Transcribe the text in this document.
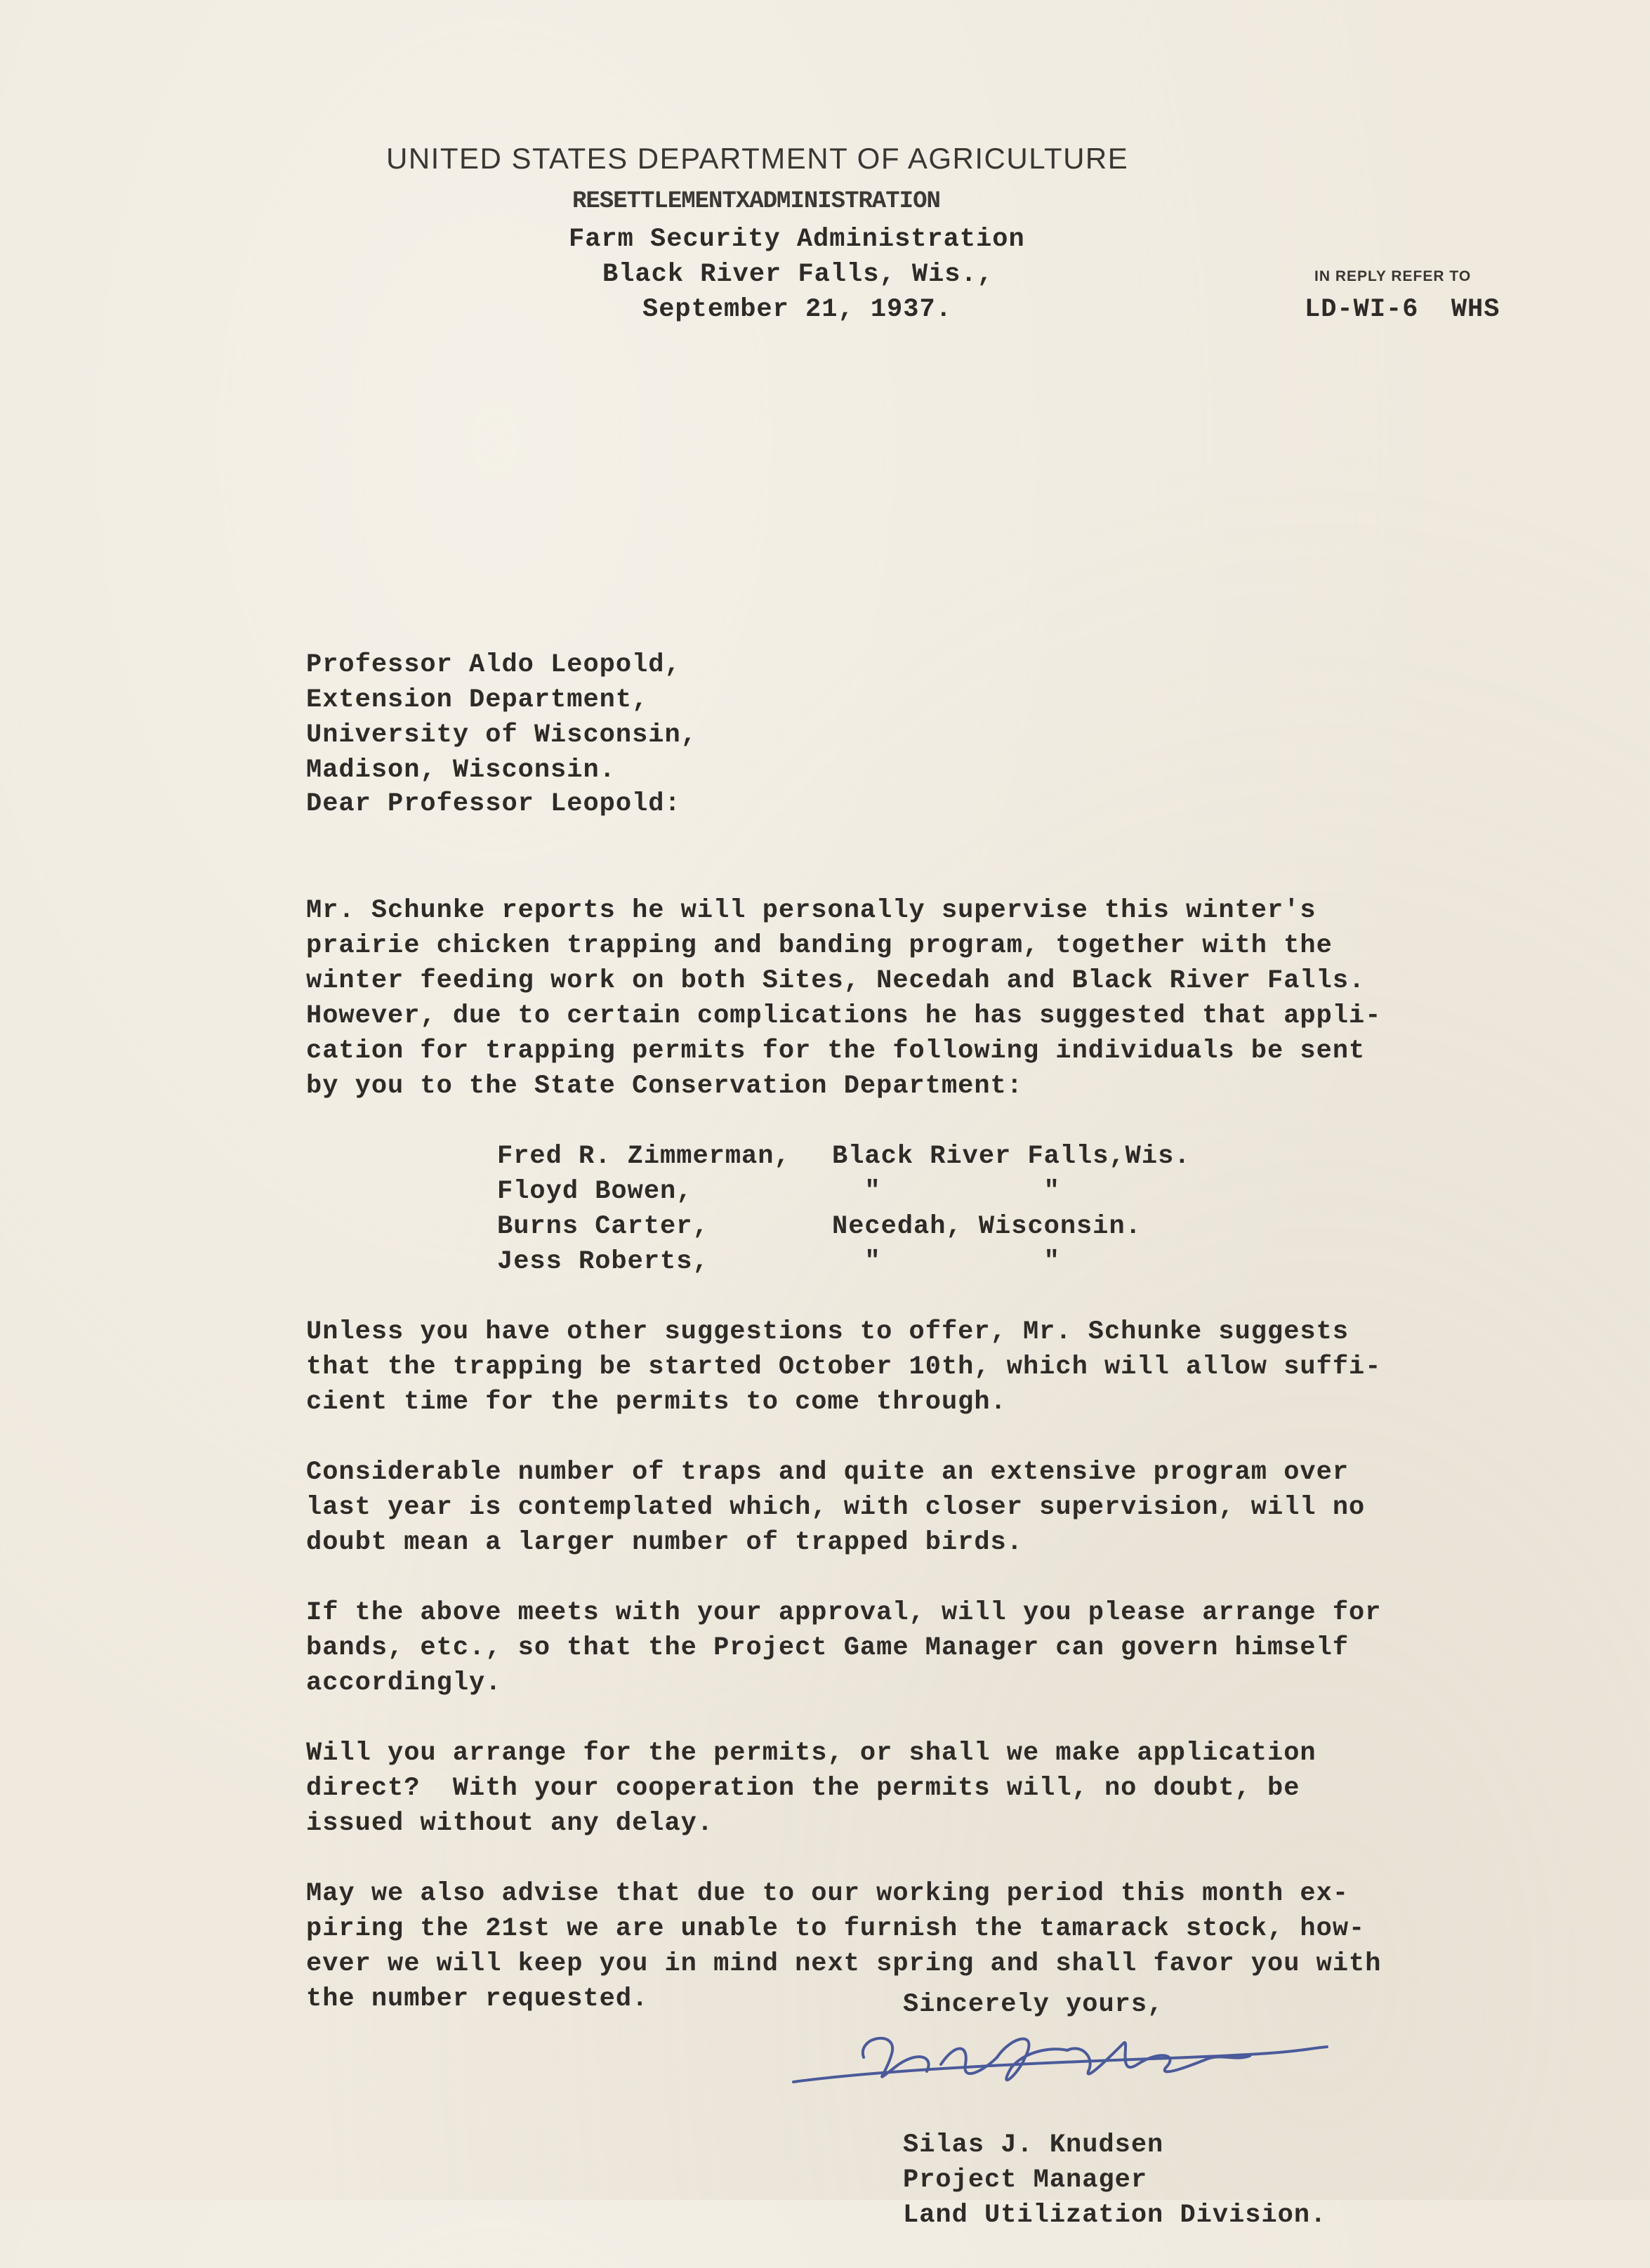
UNITED STATES DEPARTMENT OF AGRICULTURE
RESETTLEMENTXADMINISTRATION
Farm Security Administration
Black River Falls, Wis.,
September 21, 1937.
IN REPLY REFER TO
LD-WI-6  WHS

Professor Aldo Leopold,
Extension Department,
University of Wisconsin,
Madison, Wisconsin.

Dear Professor Leopold:

Mr. Schunke reports he will personally supervise this winter's
prairie chicken trapping and banding program, together with the
winter feeding work on both Sites, Necedah and Black River Falls.
However, due to certain complications he has suggested that appli-
cation for trapping permits for the following individuals be sent
by you to the State Conservation Department:

Fred R. Zimmerman,
Floyd Bowen,
Burns Carter,
Jess Roberts,

Black River Falls,Wis.
"          "
Necedah, Wisconsin.
"          "

Unless you have other suggestions to offer, Mr. Schunke suggests
that the trapping be started October 10th, which will allow suffi-
cient time for the permits to come through.

Considerable number of traps and quite an extensive program over
last year is contemplated which, with closer supervision, will no
doubt mean a larger number of trapped birds.

If the above meets with your approval, will you please arrange for
bands, etc., so that the Project Game Manager can govern himself
accordingly.

Will you arrange for the permits, or shall we make application
direct?  With your cooperation the permits will, no doubt, be
issued without any delay.

May we also advise that due to our working period this month ex-
piring the 21st we are unable to furnish the tamarack stock, how-
ever we will keep you in mind next spring and shall favor you with
the number requested.	Sincerely yours,

Silas J. Knudsen
Project Manager
Land Utilization Division.
